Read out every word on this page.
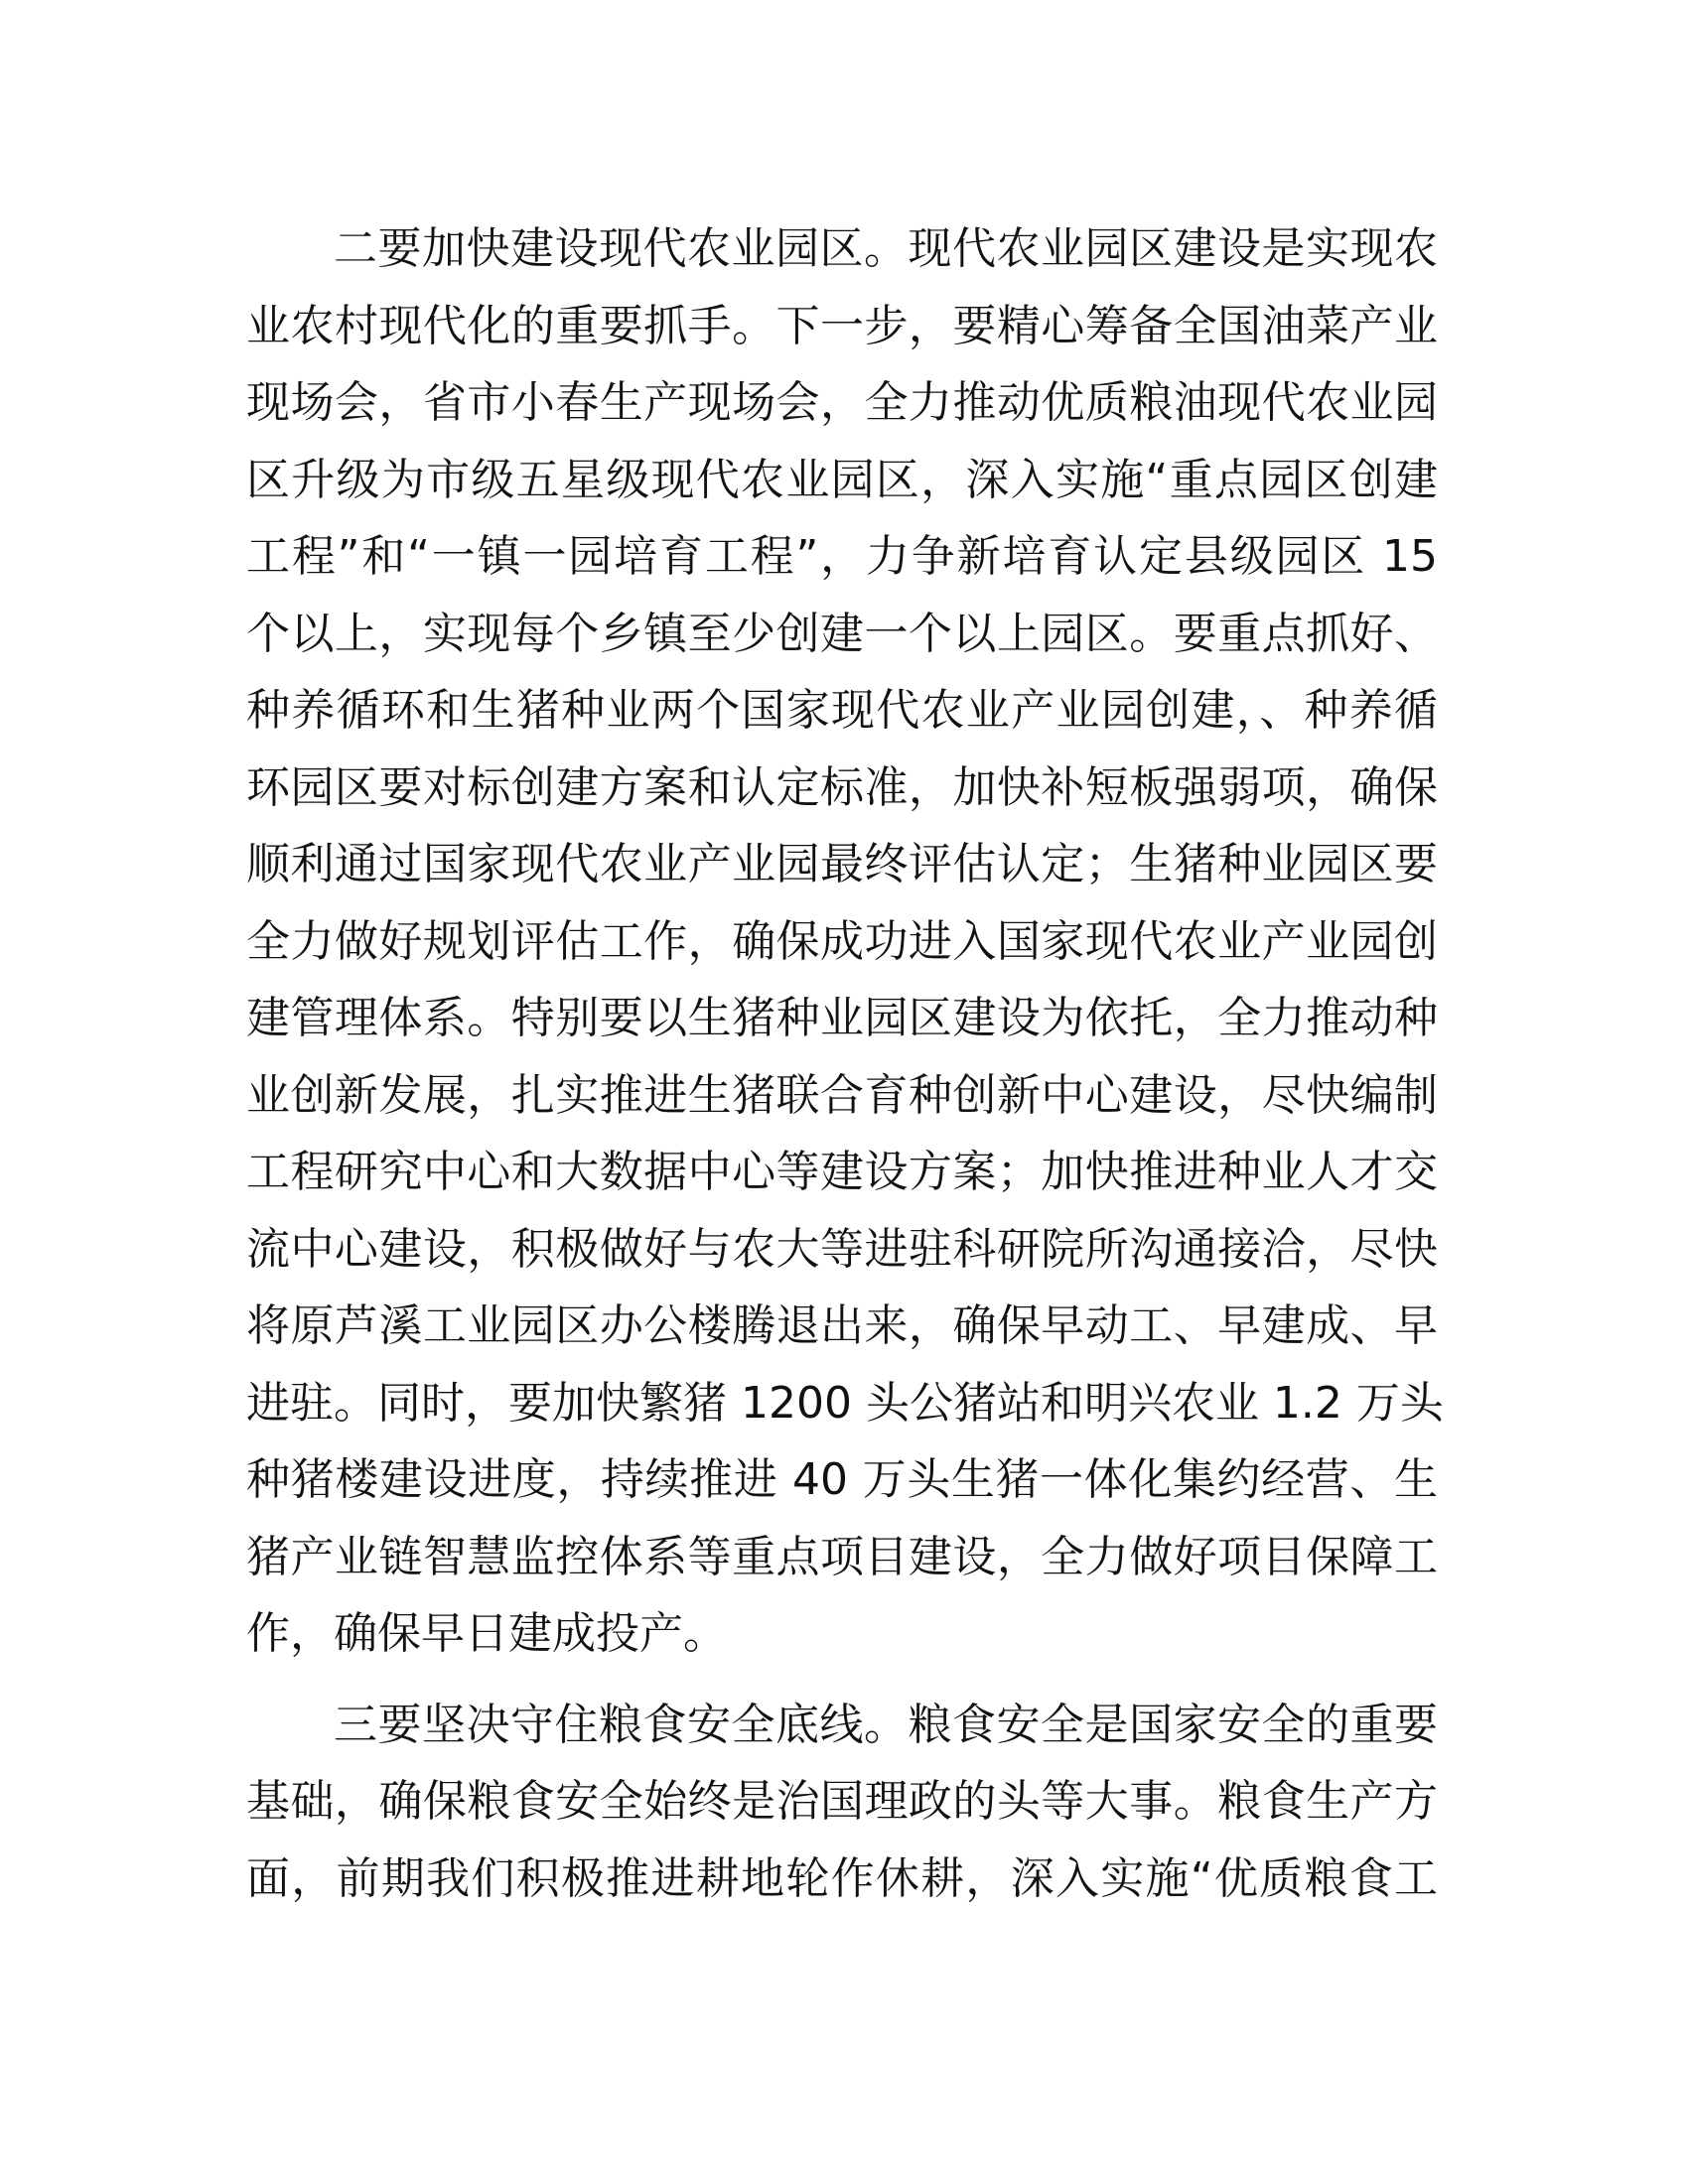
二要加快建设现代农业园区。现代农业园区建设是实现农
业农村现代化的重要抓手。下一步，要精心筹备全国油菜产业
现场会，省市小春生产现场会，全力推动优质粮油现代农业园
区升级为市级五星级现代农业园区，深入实施“重点园区创建
工程”和“一镇一园培育工程”，力争新培育认定县级园区 15
个以上，实现每个乡镇至少创建一个以上园区。要重点抓好、
种养循环和生猪种业两个国家现代农业产业园创建，、种养循
环园区要对标创建方案和认定标准，加快补短板强弱项，确保
顺利通过国家现代农业产业园最终评估认定；生猪种业园区要
全力做好规划评估工作，确保成功进入国家现代农业产业园创
建管理体系。特别要以生猪种业园区建设为依托，全力推动种
业创新发展，扎实推进生猪联合育种创新中心建设，尽快编制
工程研究中心和大数据中心等建设方案；加快推进种业人才交
流中心建设，积极做好与农大等进驻科研院所沟通接洽，尽快
将原芦溪工业园区办公楼腾退出来，确保早动工、早建成、早
进驻。同时，要加快繁猪 1200 头公猪站和明兴农业 1.2 万头
种猪楼建设进度，持续推进 40 万头生猪一体化集约经营、生
猪产业链智慧监控体系等重点项目建设，全力做好项目保障工
作，确保早日建成投产。
三要坚决守住粮食安全底线。粮食安全是国家安全的重要
基础，确保粮食安全始终是治国理政的头等大事。粮食生产方
面，前期我们积极推进耕地轮作休耕，深入实施“优质粮食工
